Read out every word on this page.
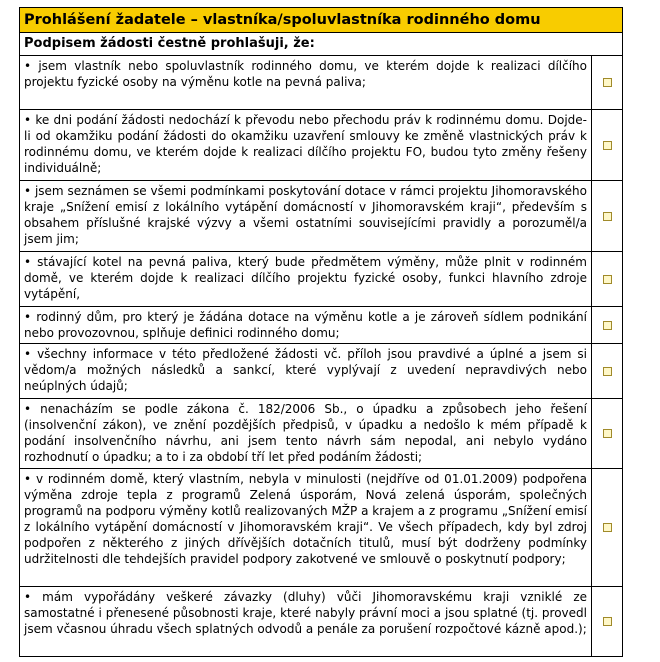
Prohlášení žadatele – vlastníka/spoluvlastníka rodinného domu
Podpisem žádosti čestně prohlašuji, že:
• jsem vlastník nebo spoluvlastník rodinného domu, ve kterém dojde k realizaci dílčího projektu fyzické osoby na výměnu kotle na pevná paliva;
• ke dni podání žádosti nedochází k převodu nebo přechodu práv k rodinnému domu. Dojde-li od okamžiku podání žádosti do okamžiku uzavření smlouvy ke změně vlastnických práv k rodinnému domu, ve kterém dojde k realizaci dílčího projektu FO, budou tyto změny řešeny individuálně;
• jsem seznámen se všemi podmínkami poskytování dotace v rámci projektu Jihomoravského kraje „Snížení emisí z lokálního vytápění domácností v Jihomoravském kraji“, především s obsahem příslušné krajské výzvy a všemi ostatními souvisejícími pravidly a porozuměl/a jsem jim;
• stávající kotel na pevná paliva, který bude předmětem výměny, může plnit v rodinném domě, ve kterém dojde k realizaci dílčího projektu fyzické osoby, funkci hlavního zdroje vytápění,
• rodinný dům, pro který je žádána dotace na výměnu kotle a je zároveň sídlem podnikání nebo provozovnou, splňuje definici rodinného domu;
• všechny informace v této předložené žádosti vč. příloh jsou pravdivé a úplné a jsem si vědom/a možných následků a sankcí, které vyplývají z uvedení nepravdivých nebo neúplných údajů;
• nenacházím se podle zákona č. 182/2006 Sb., o úpadku a způsobech jeho řešení (insolvenční zákon), ve znění pozdějších předpisů, v úpadku a nedošlo k mém případě k podání insolvenčního návrhu, ani jsem tento návrh sám nepodal, ani nebylo vydáno rozhodnutí o úpadku; a to i za období tří let před podáním žádosti;
• v rodinném domě, který vlastním, nebyla v minulosti (nejdříve od 01.01.2009) podpořena výměna zdroje tepla z programů Zelená úsporám, Nová zelená úsporám, společných programů na podporu výměny kotlů realizovaných MŽP a krajem a z programu „Snížení emisí z lokálního vytápění domácností v Jihomoravském kraji“. Ve všech případech, kdy byl zdroj podpořen z některého z jiných dřívějších dotačních titulů, musí být dodrženy podmínky udržitelnosti dle tehdejších pravidel podpory zakotvené ve smlouvě o poskytnutí podpory;
• mám vypořádány veškeré závazky (dluhy) vůči Jihomoravskému kraji vzniklé ze samostatné i přenesené působnosti kraje, které nabyly právní moci a jsou splatné (tj. provedl jsem včasnou úhradu všech splatných odvodů a penále za porušení rozpočtové kázně apod.);
